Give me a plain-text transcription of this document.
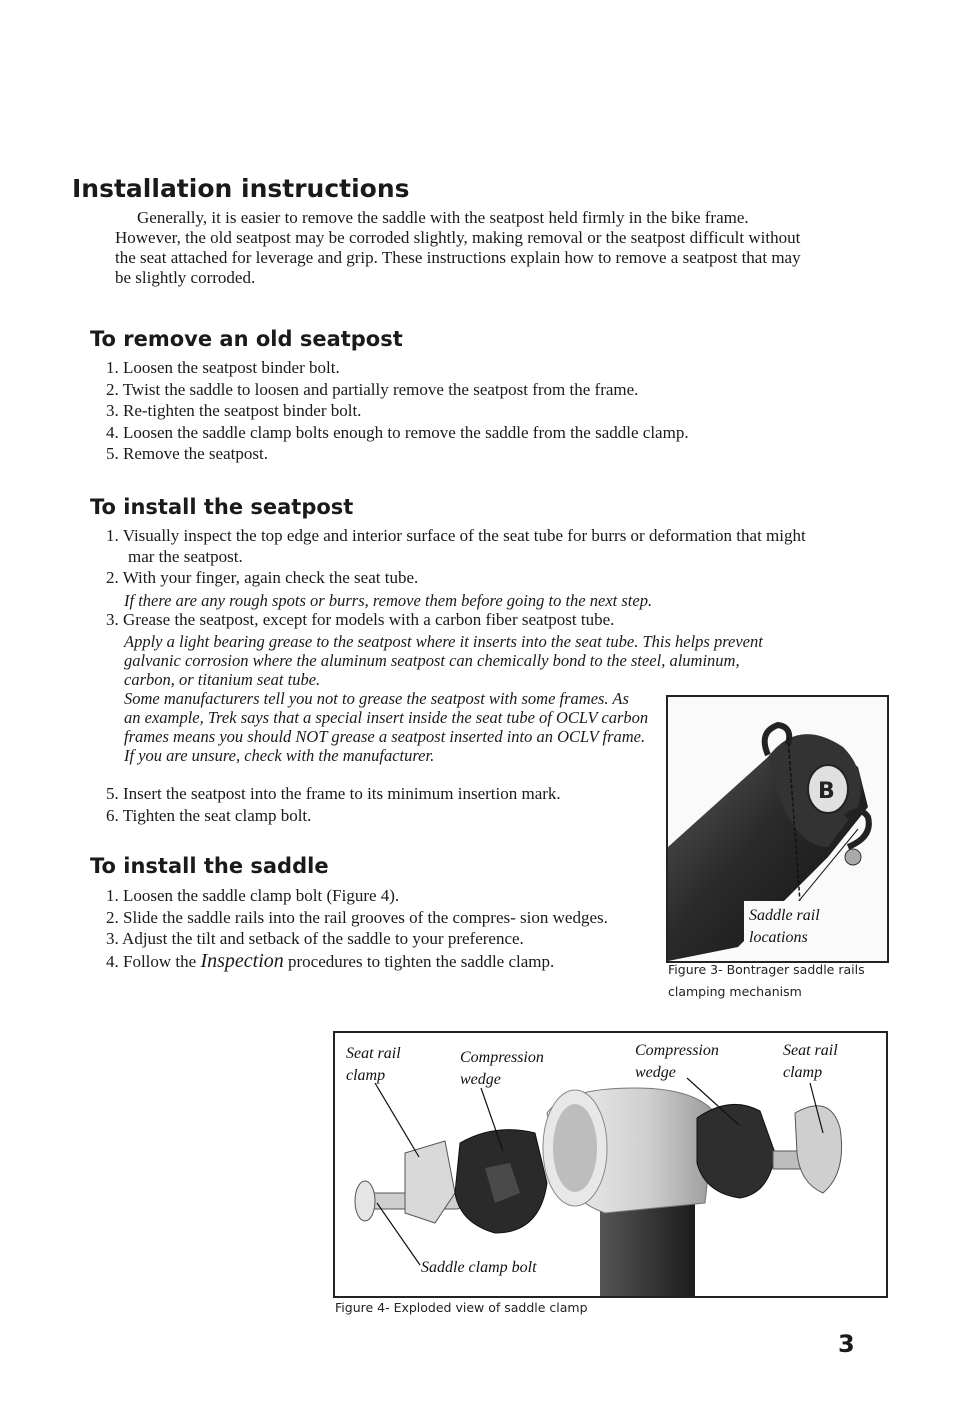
Installation instructions

Generally, it is easier to remove the saddle with the seatpost held firmly in the bike frame. However, the old seatpost may be corroded slightly, making removal or the seatpost difficult without the seat attached for leverage and grip. These instructions explain how to remove a seatpost that may be slightly corroded.

To remove an old seatpost
1. Loosen the seatpost binder bolt.
2. Twist the saddle to loosen and partially remove the seatpost from the frame.
3. Re-tighten the seatpost binder bolt.
4. Loosen the saddle clamp bolts enough to remove the saddle from the saddle clamp.
5. Remove the seatpost.
To install the seatpost
1. Visually inspect the top edge and interior surface of the seat tube for burrs or deformation that might mar the seatpost.
2. With your finger, again check the seat tube.
If there are any rough spots or burrs, remove them before going to the next step.
3. Grease the seatpost, except for models with a carbon fiber seatpost tube.
Apply a light bearing grease to the seatpost where it inserts into the seat tube. This helps prevent galvanic corrosion where the aluminum seatpost can chemically bond to the steel, aluminum, carbon, or titanium seat tube.
Some manufacturers tell you not to grease the seatpost with some frames. As an example, Trek says that a special insert inside the seat tube of OCLV carbon frames means you should NOT grease a seatpost inserted into an OCLV frame. If you are unsure, check with the manufacturer.
5. Insert the seatpost into the frame to its minimum insertion mark.
6. Tighten the seat clamp bolt.
To install the saddle
1. Loosen the saddle clamp bolt (Figure 4).
2. Slide the saddle rails into the rail grooves of the compres- sion wedges.
3. Adjust the tilt and setback of the saddle to your preference.
4. Follow the Inspection procedures to tighten the saddle clamp.
B
Saddle rail locations
Figure 3- Bontrager saddle rails clamping mechanism
Seat rail clamp
Compression wedge
Compression wedge
Seat rail clamp
Saddle clamp bolt
Figure 4- Exploded view of saddle clamp
3
